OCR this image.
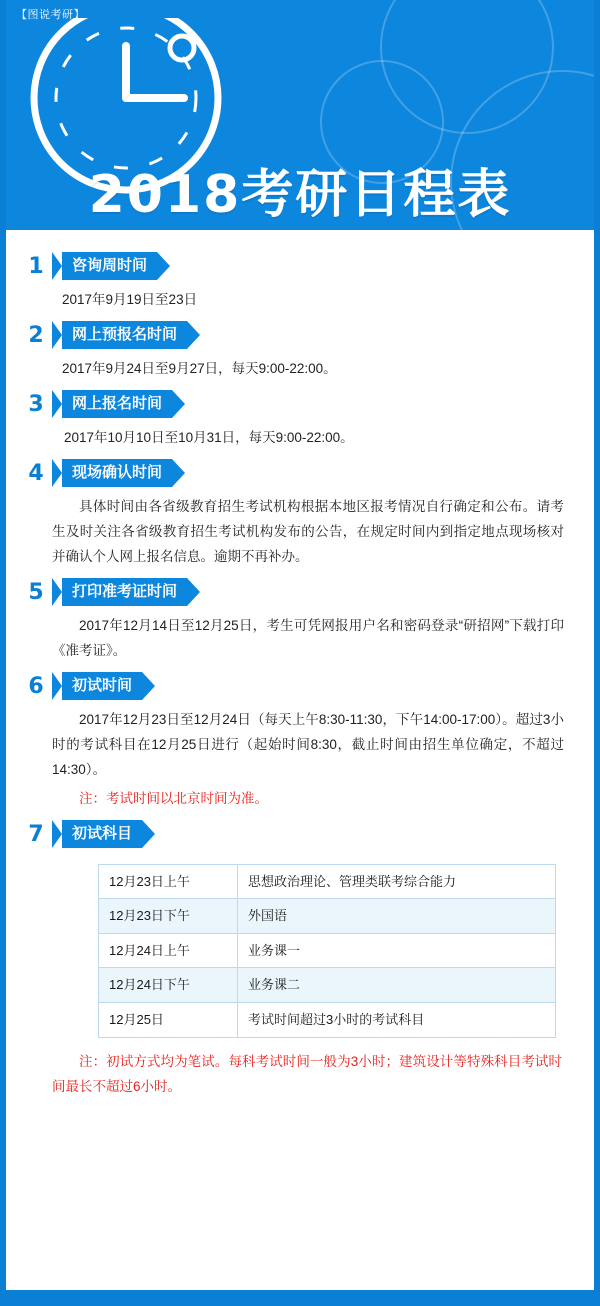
【图说考研】
2018考研日程表
1	咨询周时间
2017年9月19日至23日
2	网上预报名时间
2017年9月24日至9月27日，每天9:00-22:00。
3	网上报名时间
2017年10月10日至10月31日，每天9:00-22:00。
4	现场确认时间
具体时间由各省级教育招生考试机构根据本地区报考情况自行确定和公布。请考生及时关注各省级教育招生考试机构发布的公告，在规定时间内到指定地点现场核对并确认个人网上报名信息。逾期不再补办。
5	打印准考证时间
2017年12月14日至12月25日，考生可凭网报用户名和密码登录“研招网”下载打印《准考证》。
6	初试时间
2017年12月23日至12月24日（每天上午8:30-11:30，下午14:00-17:00）。超过3小时的考试科目在12月25日进行（起始时间8:30，截止时间由招生单位确定，不超过14:30）。
注：考试时间以北京时间为准。
7	初试科目
12月23日上午	思想政治理论、管理类联考综合能力
12月23日下午	外国语
12月24日上午	业务课一
12月24日下午	业务课二
12月25日	考试时间超过3小时的考试科目
注：初试方式均为笔试。每科考试时间一般为3小时；建筑设计等特殊科目考试时间最长不超过6小时。
